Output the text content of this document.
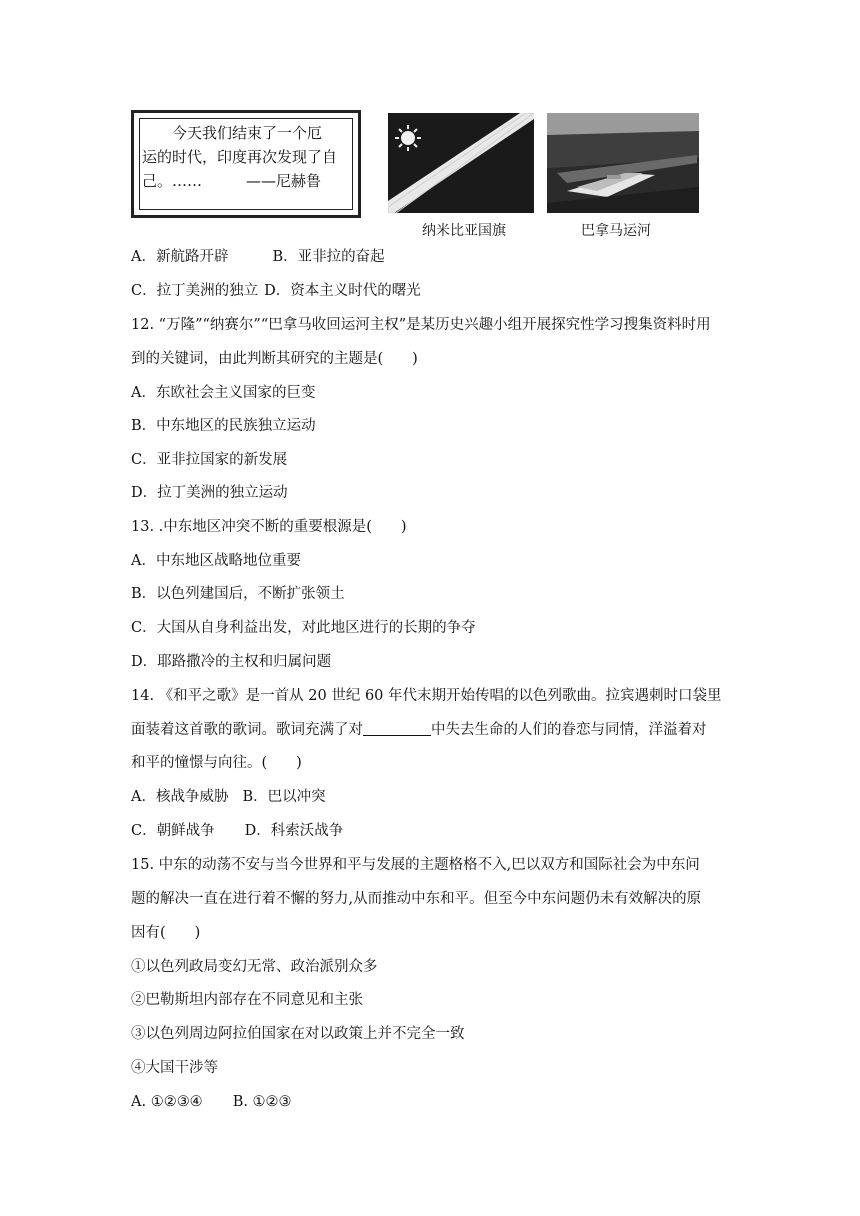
今天我们结束了一个厄
运的时代，印度再次发现了自
己。……	——尼赫鲁
纳米比亚国旗	巴拿马运河
A．新航路开辟	B．亚非拉的奋起
C．拉丁美洲的独立 D．资本主义时代的曙光
12. “万隆”“纳赛尔”“巴拿马收回运河主权”是某历史兴趣小组开展探究性学习搜集资料时用
到的关键词，由此判断其研究的主题是(　　)
A．东欧社会主义国家的巨变
B．中东地区的民族独立运动
C．亚非拉国家的新发展
D．拉丁美洲的独立运动
13. .中东地区冲突不断的重要根源是(　　)
A．中东地区战略地位重要
B．以色列建国后，不断扩张领土
C．大国从自身利益出发，对此地区进行的长期的争夺
D．耶路撒冷的主权和归属问题
14. 《和平之歌》是一首从 20 世纪 60 年代末期开始传唱的以色列歌曲。拉宾遇刺时口袋里
面装着这首歌的歌词。歌词充满了对	中失去生命的人们的眷恋与同情，洋溢着对
和平的憧憬与向往。(　　)
A．核战争威胁 B．巴以冲突
C．朝鲜战争 D．科索沃战争
15. 中东的动荡不安与当今世界和平与发展的主题格格不入,巴以双方和国际社会为中东问
题的解决一直在进行着不懈的努力,从而推动中东和平。但至今中东问题仍未有效解决的原
因有(　　)
①以色列政局变幻无常、政治派别众多
②巴勒斯坦内部存在不同意见和主张
③以色列周边阿拉伯国家在对以政策上并不完全一致
④大国干涉等
A. ①②③④ B. ①②③
